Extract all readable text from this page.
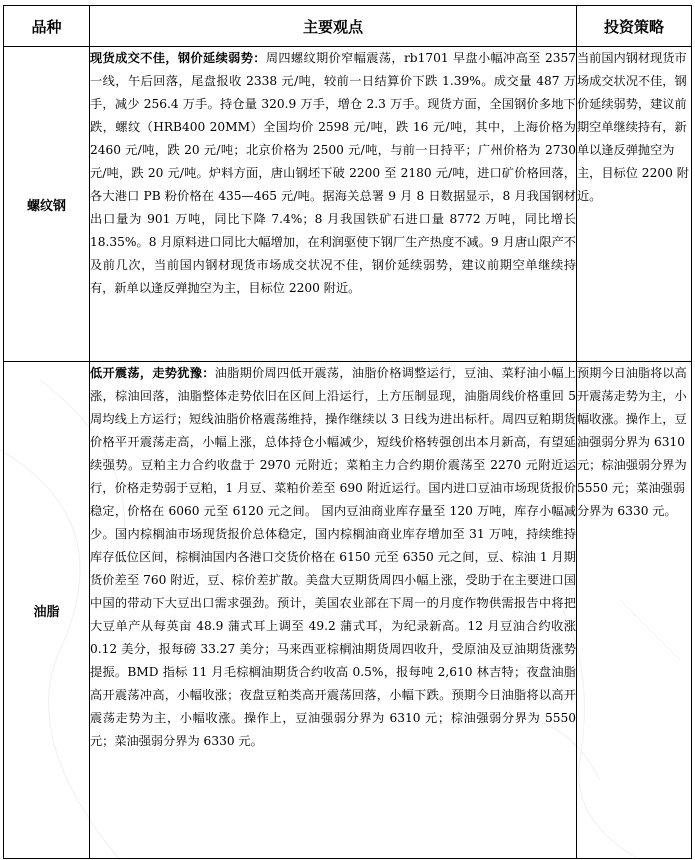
品种	主要观点	投资策略
螺纹钢	现货成交不佳，钢价延续弱势：周四螺纹期价窄幅震荡，rb1701 早盘小幅冲高至 2357 一线，午后回落，尾盘报收 2338 元/吨，较前一日结算价下跌 1.39%。成交量 487 万手，减少 256.4 万手。持仓量 320.9 万手，增仓 2.3 万手。现货方面，全国钢价多地下跌，螺纹（HRB400 20MM）全国均价 2598 元/吨，跌 16 元/吨，其中，上海价格为 2460 元/吨，跌 20 元/吨；北京价格为 2500 元/吨，与前一日持平；广州价格为 2730 元/吨，跌 20 元/吨。炉料方面，唐山钢坯下破 2200 至 2180 元/吨，进口矿价格回落，各大港口 PB 粉价格在 435—465 元/吨。据海关总署 9 月 8 日数据显示，8 月我国钢材出口量为 901 万吨，同比下降 7.4%；8 月我国铁矿石进口量 8772 万吨，同比增长 18.35%。8 月原料进口同比大幅增加，在利润驱使下钢厂生产热度不减。9 月唐山限产不及前几次，当前国内钢材现货市场成交状况不佳，钢价延续弱势，建议前期空单继续持有，新单以逢反弹抛空为主，目标位 2200 附近。	当前国内钢材现货市场成交状况不佳，钢价延续弱势，建议前期空单继续持有，新单以逢反弹抛空为主，目标位 2200 附近。
油脂	低开震荡，走势犹豫：油脂期价周四低开震荡，油脂价格调整运行，豆油、菜籽油小幅上涨，棕油回落，油脂整体走势依旧在区间上沿运行，上方压制显现，油脂周线价格重回 5 周均线上方运行；短线油脂价格震荡维持，操作继续以 3 日线为进出标杆。周四豆粕期货价格平开震荡走高，小幅上涨，总体持仓小幅减少，短线价格转强创出本月新高，有望延续强势。豆粕主力合约收盘于 2970 元附近；菜粕主力合约期价震荡至 2270 元附近运行，价格走势弱于豆粕，1 月豆、菜粕价差至 690 附近运行。国内进口豆油市场现货报价稳定，价格在 6060 元至 6120 元之间。 国内豆油商业库存量至 120 万吨，库存小幅减少。国内棕榈油市场现货报价总体稳定，国内棕榈油商业库存增加至 31 万吨，持续维持库存低位区间，棕榈油国内各港口交货价格在 6150 元至 6350 元之间，豆、棕油 1 月期货价差至 760 附近，豆、棕价差扩散。美盘大豆期货周四小幅上涨，受助于在主要进口国中国的带动下大豆出口需求强劲。预计，美国农业部在下周一的月度作物供需报告中将把大豆单产从每英亩 48.9 蒲式耳上调至 49.2 蒲式耳，为纪录新高。12 月豆油合约收涨 0.12 美分，报每磅 33.27 美分；马来西亚棕榈油期货周四收升，受原油及豆油期货涨势提振。BMD 指标 11 月毛棕榈油期货合约收高 0.5%，报每吨 2,610 林吉特；夜盘油脂高开震荡冲高，小幅收涨；夜盘豆粕类高开震荡回落，小幅下跌。预期今日油脂将以高开震荡走势为主，小幅收涨。操作上，豆油强弱分界为 6310 元；棕油强弱分界为 5550 元；菜油强弱分界为 6330 元。	预期今日油脂将以高开震荡走势为主，小幅收涨。操作上，豆油强弱分界为 6310 元；棕油强弱分界为 5550 元；菜油强弱分界为 6330 元。
